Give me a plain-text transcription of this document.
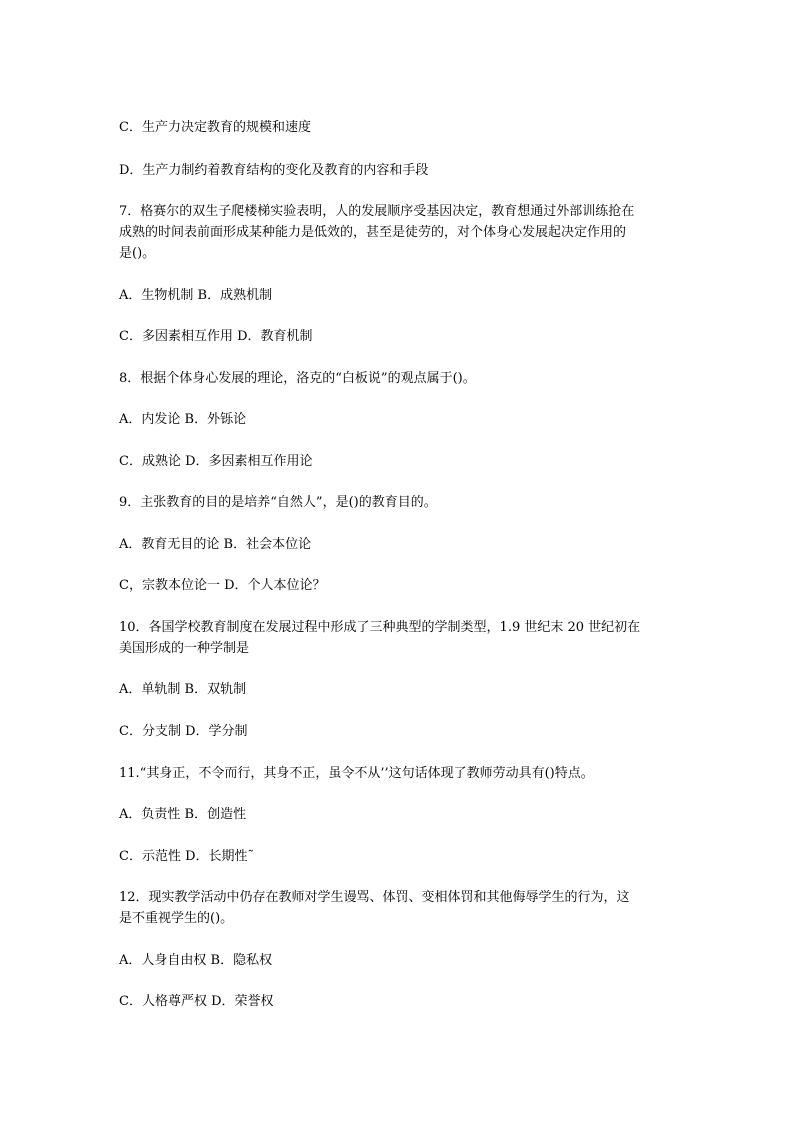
C．生产力决定教育的规模和速度
D．生产力制约着教育结构的变化及教育的内容和手段
7．格赛尔的双生子爬楼梯实验表明，人的发展顺序受基因决定，教育想通过外部训练抢在
成熟的时间表前面形成某种能力是低效的，甚至是徒劳的，对个体身心发展起决定作用的
是()。
A．生物机制 B．成熟机制
C．多因素相互作用 D．教育机制
8．根据个体身心发展的理论，洛克的“白板说”的观点属于()。
A．内发论 B．外铄论
C．成熟论 D．多因素相互作用论
9．主张教育的目的是培养“自然人”，是()的教育目的。
A．教育无目的论 B．社会本位论
C，宗教本位论一 D．个人本位论？
10．各国学校教育制度在发展过程中形成了三种典型的学制类型，1.9 世纪末 20 世纪初在
美国形成的一种学制是
A．单轨制 B．双轨制
C．分支制 D．学分制
11.“其身正，不令而行，其身不正，虽令不从’’这句话体现了教师劳动具有()特点。
A．负责性 B．创造性
C．示范性 D．长期性˜
12．现实教学活动中仍存在教师对学生谩骂、体罚、变相体罚和其他侮辱学生的行为，这
是不重视学生的()。
A．人身自由权 B．隐私权
C．人格尊严权 D．荣誉权
